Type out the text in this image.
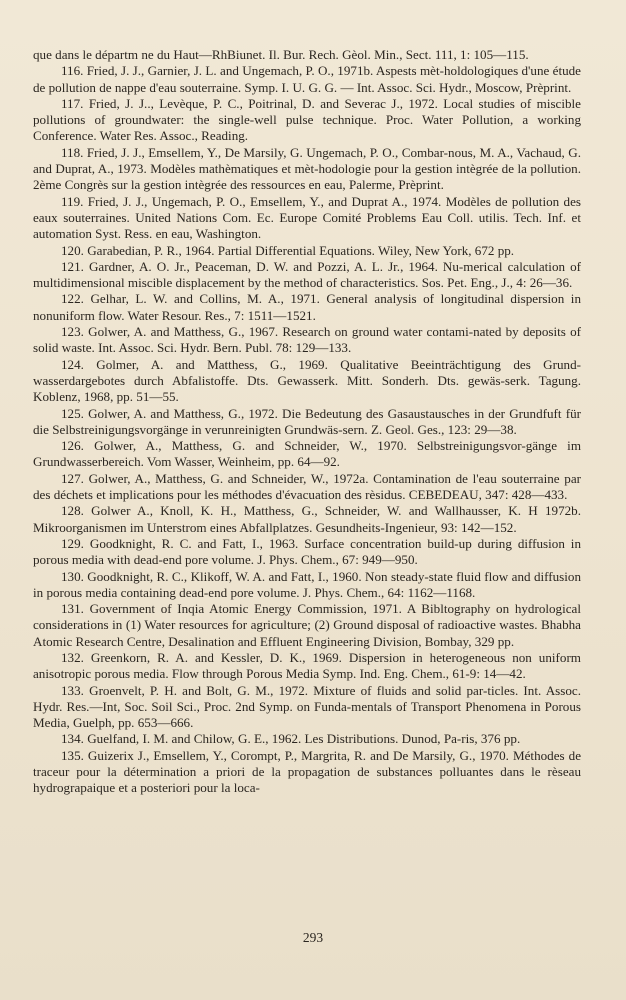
que dans le départm ne du Haut—RhBiunet. Il. Bur. Rech. Gèol. Min., Sect. 111, 1: 105—115.

116. Fried, J. J., Garnier, J. L. and Ungemach, P. O., 1971b. Aspests mèt-holdologiques d'une étude de pollution de nappe d'eau souterraine. Symp. I. U. G. G. — Int. Assoc. Sci. Hydr., Moscow, Prèprint.

117. Fried, J. J.., Levèque, P. C., Poitrinal, D. and Severac J., 1972. Local studies of miscible pollutions of groundwater: the single-well pulse technique. Proc. Water Pollution, a working Conference. Water Res. Assoc., Reading.

118. Fried, J. J., Emsellem, Y., De Marsily, G. Ungemach, P. O., Combar-nous, M. A., Vachaud, G. and Duprat, A., 1973. Modèles mathèmatiques et mèt-hodologie pour la gestion intègrée de la pollution. 2ème Congrès sur la gestion intègrée des ressources en eau, Palerme, Prèprint.

119. Fried, J. J., Ungemach, P. O., Emsellem, Y., and Duprat A., 1974. Modèles de pollution des eaux souterraines. United Nations Com. Ec. Europe Comité Problems Eau Coll. utilis. Tech. Inf. et automation Syst. Ress. en eau, Washington.

120. Garabedian, P. R., 1964. Partial Differential Equations. Wiley, New York, 672 pp.

121. Gardner, A. O. Jr., Peaceman, D. W. and Pozzi, A. L. Jr., 1964. Nu-merical calculation of multidimensional miscible displacement by the method of characteristics. Sos. Pet. Eng., J., 4: 26—36.

122. Gelhar, L. W. and Collins, M. A., 1971. General analysis of longitudinal dispersion in nonuniform flow. Water Resour. Res., 7: 1511—1521.

123. Golwer, A. and Matthess, G., 1967. Research on ground water contami-nated by deposits of solid waste. Int. Assoc. Sci. Hydr. Bern. Publ. 78: 129—133.

124. Golmer, A. and Matthess, G., 1969. Qualitative Beeinträchtigung des Grund-wasserdargebotes durch Abfalistoffe. Dts. Gewasserk. Mitt. Sonderh. Dts. gewäs-serk. Tagung. Koblenz, 1968, pp. 51—55.

125. Golwer, A. and Matthess, G., 1972. Die Bedeutung des Gasaustausches in der Grundfuft für die Selbstreinigungsvorgänge in verunreinigten Grundwäs-sern. Z. Geol. Ges., 123: 29—38.

126. Golwer, A., Matthess, G. and Schneider, W., 1970. Selbstreinigungsvor-gänge im Grundwasserbereich. Vom Wasser, Weinheim, pp. 64—92.

127. Golwer, A., Matthess, G. and Schneider, W., 1972a. Contamination de l'eau souterraine par des déchets et implications pour les méthodes d'évacuation des rèsidus. CEBEDEAU, 347: 428—433.

128. Golwer A., Knoll, K. H., Matthess, G., Schneider, W. and Wallhausser, K. H 1972b. Mikroorganismen im Unterstrom eines Abfallplatzes. Gesundheits-Ingenieur, 93: 142—152.

129. Goodknight, R. C. and Fatt, I., 1963. Surface concentration build-up during diffusion in porous media with dead-end pore volume. J. Phys. Chem., 67: 949—950.

130. Goodknight, R. C., Klikoff, W. A. and Fatt, I., 1960. Non steady-state fluid flow and diffusion in porous media containing dead-end pore volume. J. Phys. Chem., 64: 1162—1168.

131. Government of Inqia Atomic Energy Commission, 1971. A Bibltography on hydrological considerations in (1) Water resources for agriculture; (2) Ground disposal of radioactive wastes. Bhabha Atomic Research Centre, Desalination and Effluent Engineering Division, Bombay, 329 pp.

132. Greenkorn, R. A. and Kessler, D. K., 1969. Dispersion in heterogeneous non uniform anisotropic porous media. Flow through Porous Media Symp. Ind. Eng. Chem., 61-9: 14—42.

133. Groenvelt, P. H. and Bolt, G. M., 1972. Mixture of fluids and solid par-ticles. Int. Assoc. Hydr. Res.—Int, Soc. Soil Sci., Proc. 2nd Symp. on Funda-mentals of Transport Phenomena in Porous Media, Guelph, pp. 653—666.

134. Guelfand, I. M. and Chilow, G. E., 1962. Les Distributions. Dunod, Pa-ris, 376 pp.

135. Guizerix J., Emsellem, Y., Corompt, P., Margrita, R. and De Marsily, G., 1970. Méthodes de traceur pour la détermination a priori de la propagation de substances polluantes dans le rèseau hydrograpaique et a posteriori pour la loca-

293
